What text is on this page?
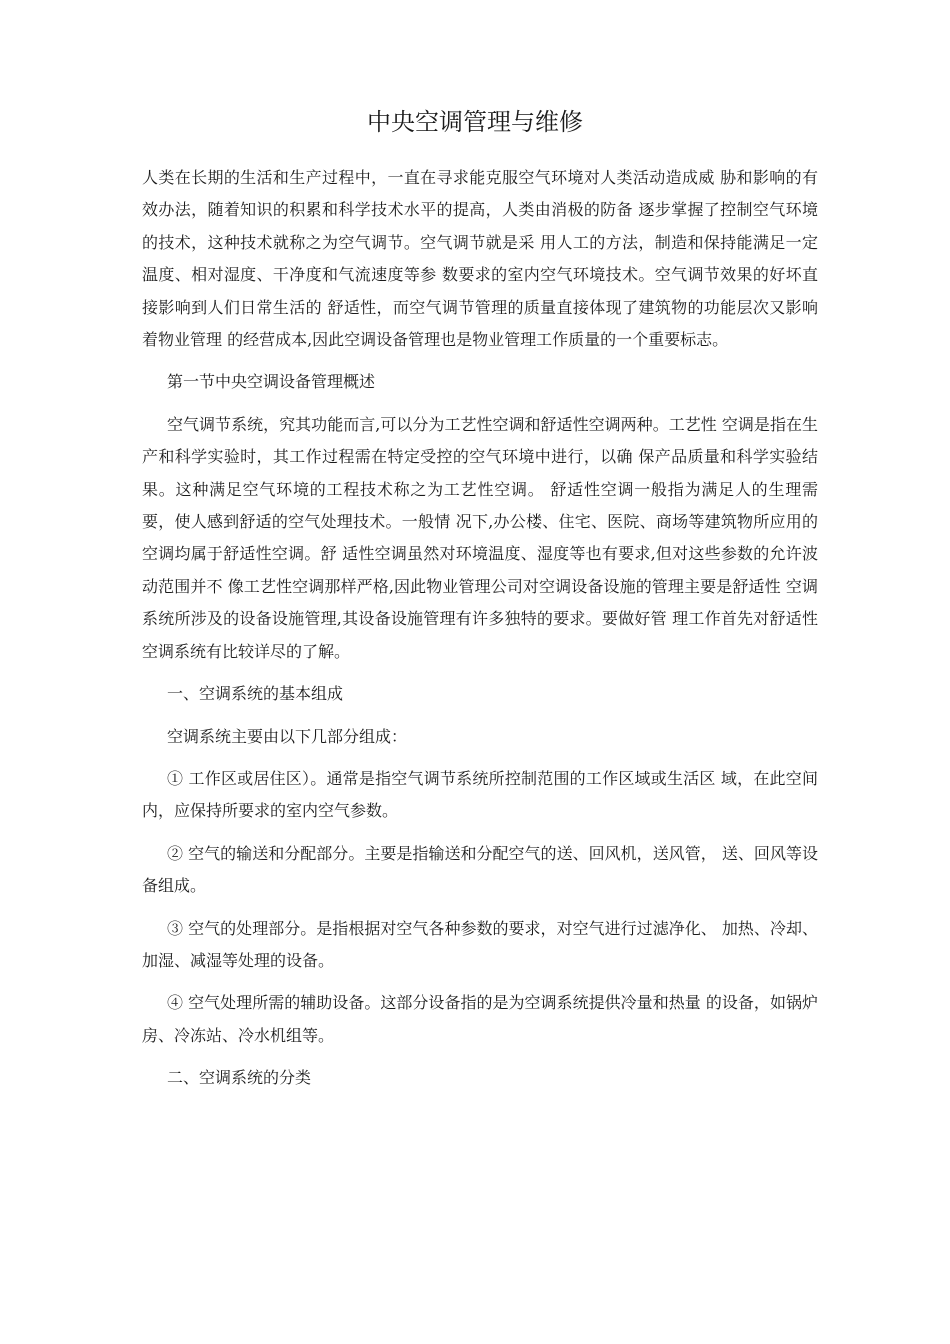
中央空调管理与维修

人类在长期的生活和生产过程中，一直在寻求能克服空气环境对人类活动造成威 胁和影响的有效办法，随着知识的积累和科学技术水平的提高，人类由消极的防备 逐步掌握了控制空气环境的技术，这种技术就称之为空气调节。空气调节就是采 用人工的方法，制造和保持能满足一定温度、相对湿度、干净度和气流速度等参 数要求的室内空气环境技术。空气调节效果的好坏直接影响到人们日常生活的 舒适性，而空气调节管理的质量直接体现了建筑物的功能层次又影响着物业管理 的经营成本,因此空调设备管理也是物业管理工作质量的一个重要标志。

第一节中央空调设备管理概述

空气调节系统，究其功能而言,可以分为工艺性空调和舒适性空调两种。工艺性 空调是指在生产和科学实验时，其工作过程需在特定受控的空气环境中进行，以确 保产品质量和科学实验结果。这种满足空气环境的工程技术称之为工艺性空调。 舒适性空调一般指为满足人的生理需要，使人感到舒适的空气处理技术。一般情 况下,办公楼、住宅、医院、商场等建筑物所应用的空调均属于舒适性空调。舒 适性空调虽然对环境温度、湿度等也有要求,但对这些参数的允许波动范围并不 像工艺性空调那样严格,因此物业管理公司对空调设备设施的管理主要是舒适性 空调系统所涉及的设备设施管理,其设备设施管理有许多独特的要求。要做好管 理工作首先对舒适性空调系统有比较详尽的了解。

一、空调系统的基本组成

空调系统主要由以下几部分组成：

① 工作区或居住区）。通常是指空气调节系统所控制范围的工作区域或生活区 域，在此空间内，应保持所要求的室内空气参数。

② 空气的输送和分配部分。主要是指输送和分配空气的送、回风机，送风管， 送、回风等设备组成。

③ 空气的处理部分。是指根据对空气各种参数的要求，对空气进行过滤净化、 加热、冷却、加湿、减湿等处理的设备。

④ 空气处理所需的辅助设备。这部分设备指的是为空调系统提供冷量和热量 的设备，如锅炉房、冷冻站、冷水机组等。

二、空调系统的分类
